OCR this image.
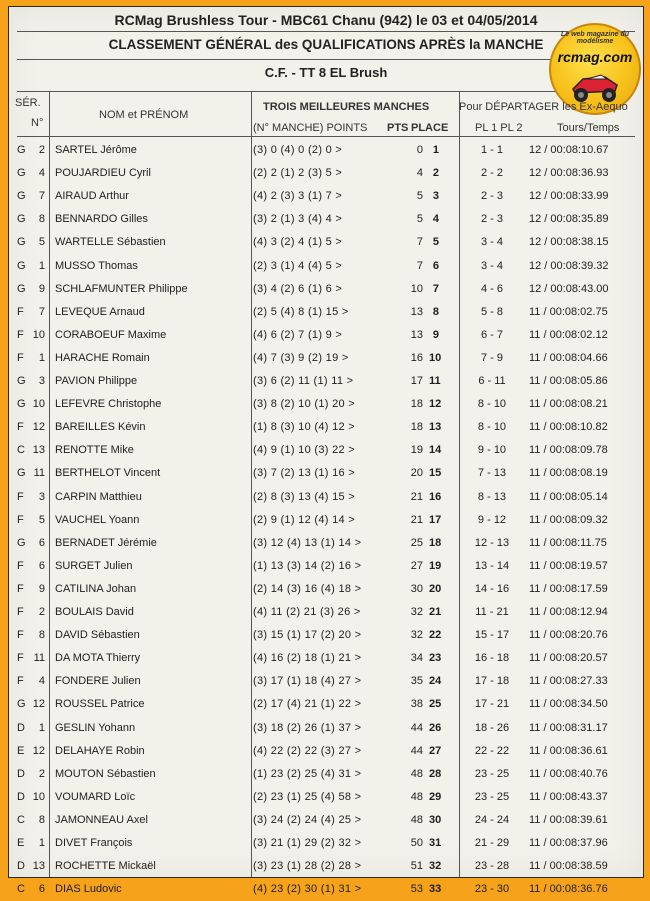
RCMag Brushless Tour - MBC61 Chanu (942) le 03 et 04/05/2014
CLASSEMENT GÉNÉRAL des QUALIFICATIONS APRÈS la MANCHE
C.F. - TT 8 EL Brush
Le web magazine du modélisme
rcmag.com
SÉR.
N°
NOM et PRÉNOM
TROIS MEILLEURES MANCHES
(N° MANCHE) POINTS PTS PLACE
Pour DÉPARTAGER les Ex-Aequo
PL 1 PL 2	Tours/Temps
G	2 SARTEL Jérôme	(3) 0 (4) 0 (2) 0 >	0 1	1 - 1	12 / 00:08:10.67
G	4 POUJARDIEU Cyril	(2) 2 (1) 2 (3) 5 >	4 2	2 - 2	12 / 00:08:36.93
G	7 AIRAUD Arthur	(4) 2 (3) 3 (1) 7 >	5 3	2 - 3	12 / 00:08:33.99
G	8 BENNARDO Gilles	(3) 2 (1) 3 (4) 4 >	5 4	2 - 3	12 / 00:08:35.89
G	5 WARTELLE Sébastien	(4) 3 (2) 4 (1) 5 >	7 5	3 - 4	12 / 00:08:38.15
G	1 MUSSO Thomas	(2) 3 (1) 4 (4) 5 >	7 6	3 - 4	12 / 00:08:39.32
G	9 SCHLAFMUNTER Philippe	(3) 4 (2) 6 (1) 6 >	10 7	4 - 6	12 / 00:08:43.00
F	7 LEVEQUE Arnaud	(2) 5 (4) 8 (1) 15 >	13 8	5 - 8	11 / 00:08:02.75
F 10 CORABOEUF Maxime	(4) 6 (2) 7 (1) 9 >	13 9	6 - 7	11 / 00:08:02.12
F	1 HARACHE Romain	(4) 7 (3) 9 (2) 19 >	16 10	7 - 9	11 / 00:08:04.66
G	3 PAVION Philippe	(3) 6 (2) 11 (1) 11 >	17 11	6 - 11	11 / 00:08:05.86
G 10 LEFEVRE Christophe	(3) 8 (2) 10 (1) 20 >	18 12	8 - 10	11 / 00:08:08.21
F 12 BAREILLES Kévin	(1) 8 (3) 10 (4) 12 >	18 13	8 - 10	11 / 00:08:10.82
C 13 RENOTTE Mike	(4) 9 (1) 10 (3) 22 >	19 14	9 - 10	11 / 00:08:09.78
G 11 BERTHELOT Vincent	(3) 7 (2) 13 (1) 16 >	20 15	7 - 13	11 / 00:08:08.19
F	3 CARPIN Matthieu	(2) 8 (3) 13 (4) 15 >	21 16	8 - 13	11 / 00:08:05.14
F	5 VAUCHEL Yoann	(2) 9 (1) 12 (4) 14 >	21 17	9 - 12	11 / 00:08:09.32
G	6 BERNADET Jérémie	(3) 12 (4) 13 (1) 14 >	25 18	12 - 13	11 / 00:08:11.75
F	6 SURGET Julien	(1) 13 (3) 14 (2) 16 >	27 19	13 - 14	11 / 00:08:19.57
F	9 CATILINA Johan	(2) 14 (3) 16 (4) 18 >	30 20	14 - 16	11 / 00:08:17.59
F	2 BOULAIS David	(4) 11 (2) 21 (3) 26 >	32 21	11 - 21	11 / 00:08:12.94
F	8 DAVID Sébastien	(3) 15 (1) 17 (2) 20 >	32 22	15 - 17	11 / 00:08:20.76
F 11 DA MOTA Thierry	(4) 16 (2) 18 (1) 21 >	34 23	16 - 18	11 / 00:08:20.57
F	4 FONDERE Julien	(3) 17 (1) 18 (4) 27 >	35 24	17 - 18	11 / 00:08:27.33
G 12 ROUSSEL Patrice	(2) 17 (4) 21 (1) 22 >	38 25	17 - 21	11 / 00:08:34.50
D	1 GESLIN Yohann	(3) 18 (2) 26 (1) 37 >	44 26	18 - 26	11 / 00:08:31.17
E 12 DELAHAYE Robin	(4) 22 (2) 22 (3) 27 >	44 27	22 - 22	11 / 00:08:36.61
D	2 MOUTON Sébastien	(1) 23 (2) 25 (4) 31 >	48 28	23 - 25	11 / 00:08:40.76
D 10 VOUMARD Loïc	(2) 23 (1) 25 (4) 58 >	48 29	23 - 25	11 / 00:08:43.37
C	8 JAMONNEAU Axel	(3) 24 (2) 24 (4) 25 >	48 30	24 - 24	11 / 00:08:39.61
E	1 DIVET François	(3) 21 (1) 29 (2) 32 >	50 31	21 - 29	11 / 00:08:37.96
D 13 ROCHETTE Mickaël	(3) 23 (1) 28 (2) 28 >	51 32	23 - 28	11 / 00:08:38.59
C	6 DIAS Ludovic	(4) 23 (2) 30 (1) 31 >	53 33	23 - 30	11 / 00:08:36.76
